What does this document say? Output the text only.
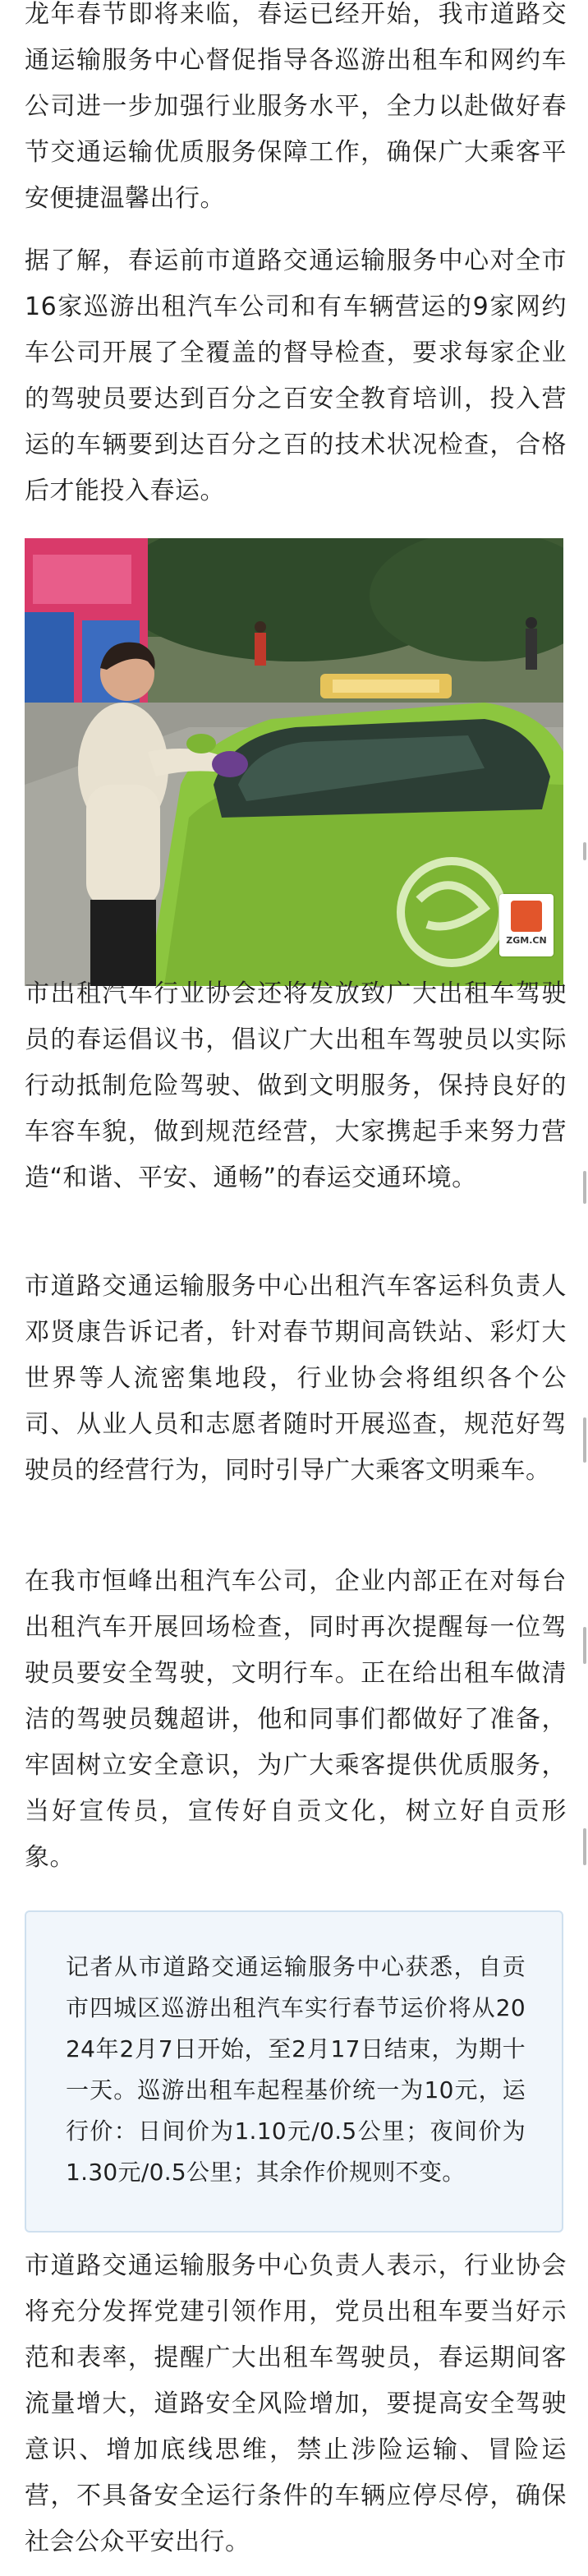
龙年春节即将来临，春运已经开始，我市道路交通运输服务中心督促指导各巡游出租车和网约车公司进一步加强行业服务水平，全力以赴做好春节交通运输优质服务保障工作，确保广大乘客平安便捷温馨出行。

据了解，春运前市道路交通运输服务中心对全市16家巡游出租汽车公司和有车辆营运的9家网约车公司开展了全覆盖的督导检查，要求每家企业的驾驶员要达到百分之百安全教育培训，投入营运的车辆要到达百分之百的技术状况检查，合格后才能投入春运。

ZGM.CN

市出租汽车行业协会还将发放致广大出租车驾驶员的春运倡议书，倡议广大出租车驾驶员以实际行动抵制危险驾驶、做到文明服务，保持良好的车容车貌，做到规范经营，大家携起手来努力营造“和谐、平安、通畅”的春运交通环境。

市道路交通运输服务中心出租汽车客运科负责人邓贤康告诉记者，针对春节期间高铁站、彩灯大世界等人流密集地段，行业协会将组织各个公司、从业人员和志愿者随时开展巡查，规范好驾驶员的经营行为，同时引导广大乘客文明乘车。

在我市恒峰出租汽车公司，企业内部正在对每台出租汽车开展回场检查，同时再次提醒每一位驾驶员要安全驾驶，文明行车。正在给出租车做清洁的驾驶员魏超讲，他和同事们都做好了准备，牢固树立安全意识，为广大乘客提供优质服务，当好宣传员，宣传好自贡文化，树立好自贡形象。

记者从市道路交通运输服务中心获悉，自贡市四城区巡游出租汽车实行春节运价将从2024年2月7日开始，至2月17日结束，为期十一天。巡游出租车起程基价统一为10元，运行价：日间价为1.10元/0.5公里；夜间价为1.30元/0.5公里；其余作价规则不变。

市道路交通运输服务中心负责人表示，行业协会将充分发挥党建引领作用，党员出租车要当好示范和表率，提醒广大出租车驾驶员，春运期间客流量增大，道路安全风险增加，要提高安全驾驶意识、增加底线思维，禁止涉险运输、冒险运营，不具备安全运行条件的车辆应停尽停，确保社会公众平安出行。
